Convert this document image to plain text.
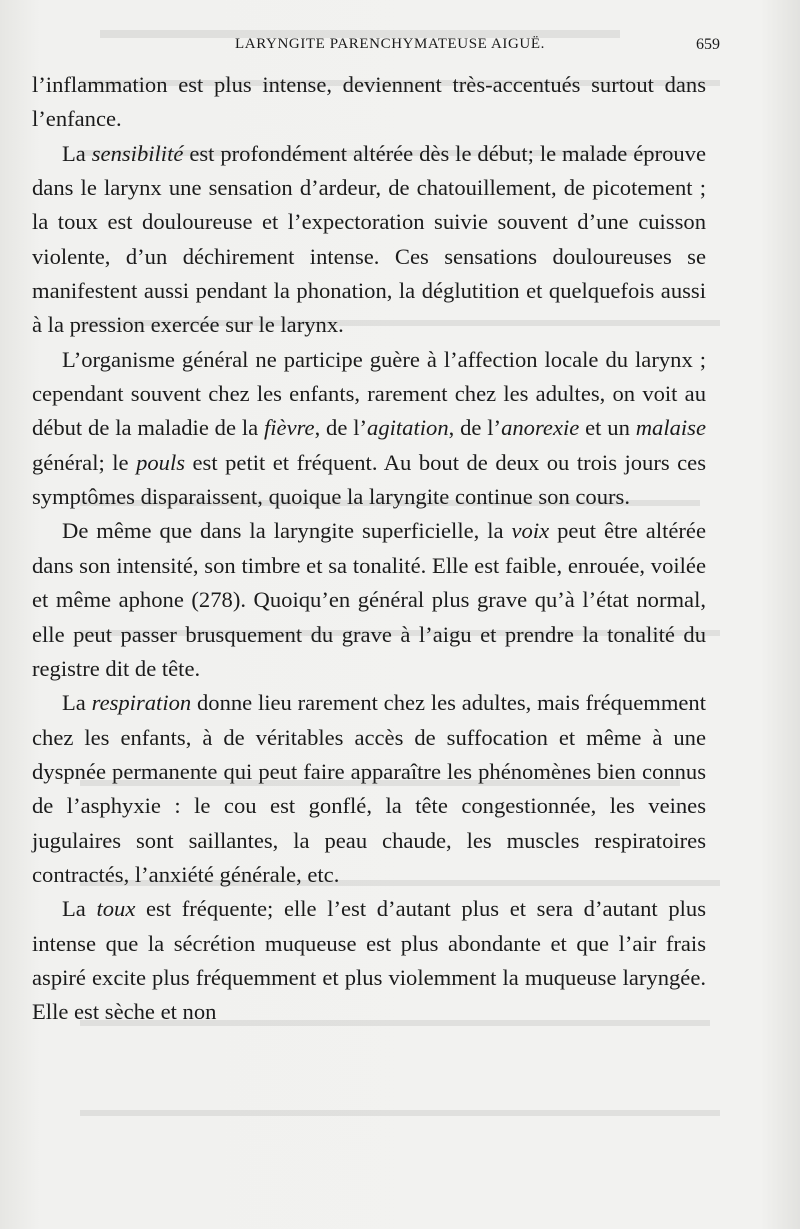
LARYNGITE PARENCHYMATEUSE AIGUË.	659

l’inflammation est plus intense, deviennent très-accentués surtout dans l’enfance.

La sensibilité est profondément altérée dès le début; le malade éprouve dans le larynx une sensation d’ardeur, de chatouillement, de picotement ; la toux est douloureuse et l’expectoration suivie souvent d’une cuisson violente, d’un déchirement intense. Ces sensations douloureuses se manifestent aussi pendant la phonation, la déglutition et quelquefois aussi à la pression exercée sur le larynx.

L’organisme général ne participe guère à l’affection locale du larynx ; cependant souvent chez les enfants, rarement chez les adultes, on voit au début de la maladie de la fièvre, de l’agitation, de l’anorexie et un malaise général; le pouls est petit et fréquent. Au bout de deux ou trois jours ces symptômes disparaissent, quoique la laryngite continue son cours.

De même que dans la laryngite superficielle, la voix peut être altérée dans son intensité, son timbre et sa tonalité. Elle est faible, enrouée, voilée et même aphone (278). Quoiqu’en général plus grave qu’à l’état normal, elle peut passer brusquement du grave à l’aigu et prendre la tonalité du registre dit de tête.

La respiration donne lieu rarement chez les adultes, mais fréquemment chez les enfants, à de véritables accès de suffocation et même à une dyspnée permanente qui peut faire apparaître les phénomènes bien connus de l’asphyxie : le cou est gonflé, la tête congestionnée, les veines jugulaires sont saillantes, la peau chaude, les muscles respiratoires contractés, l’anxiété générale, etc.

La toux est fréquente; elle l’est d’autant plus et sera d’autant plus intense que la sécrétion muqueuse est plus abondante et que l’air frais aspiré excite plus fréquemment et plus violemment la muqueuse laryngée. Elle est sèche et non
